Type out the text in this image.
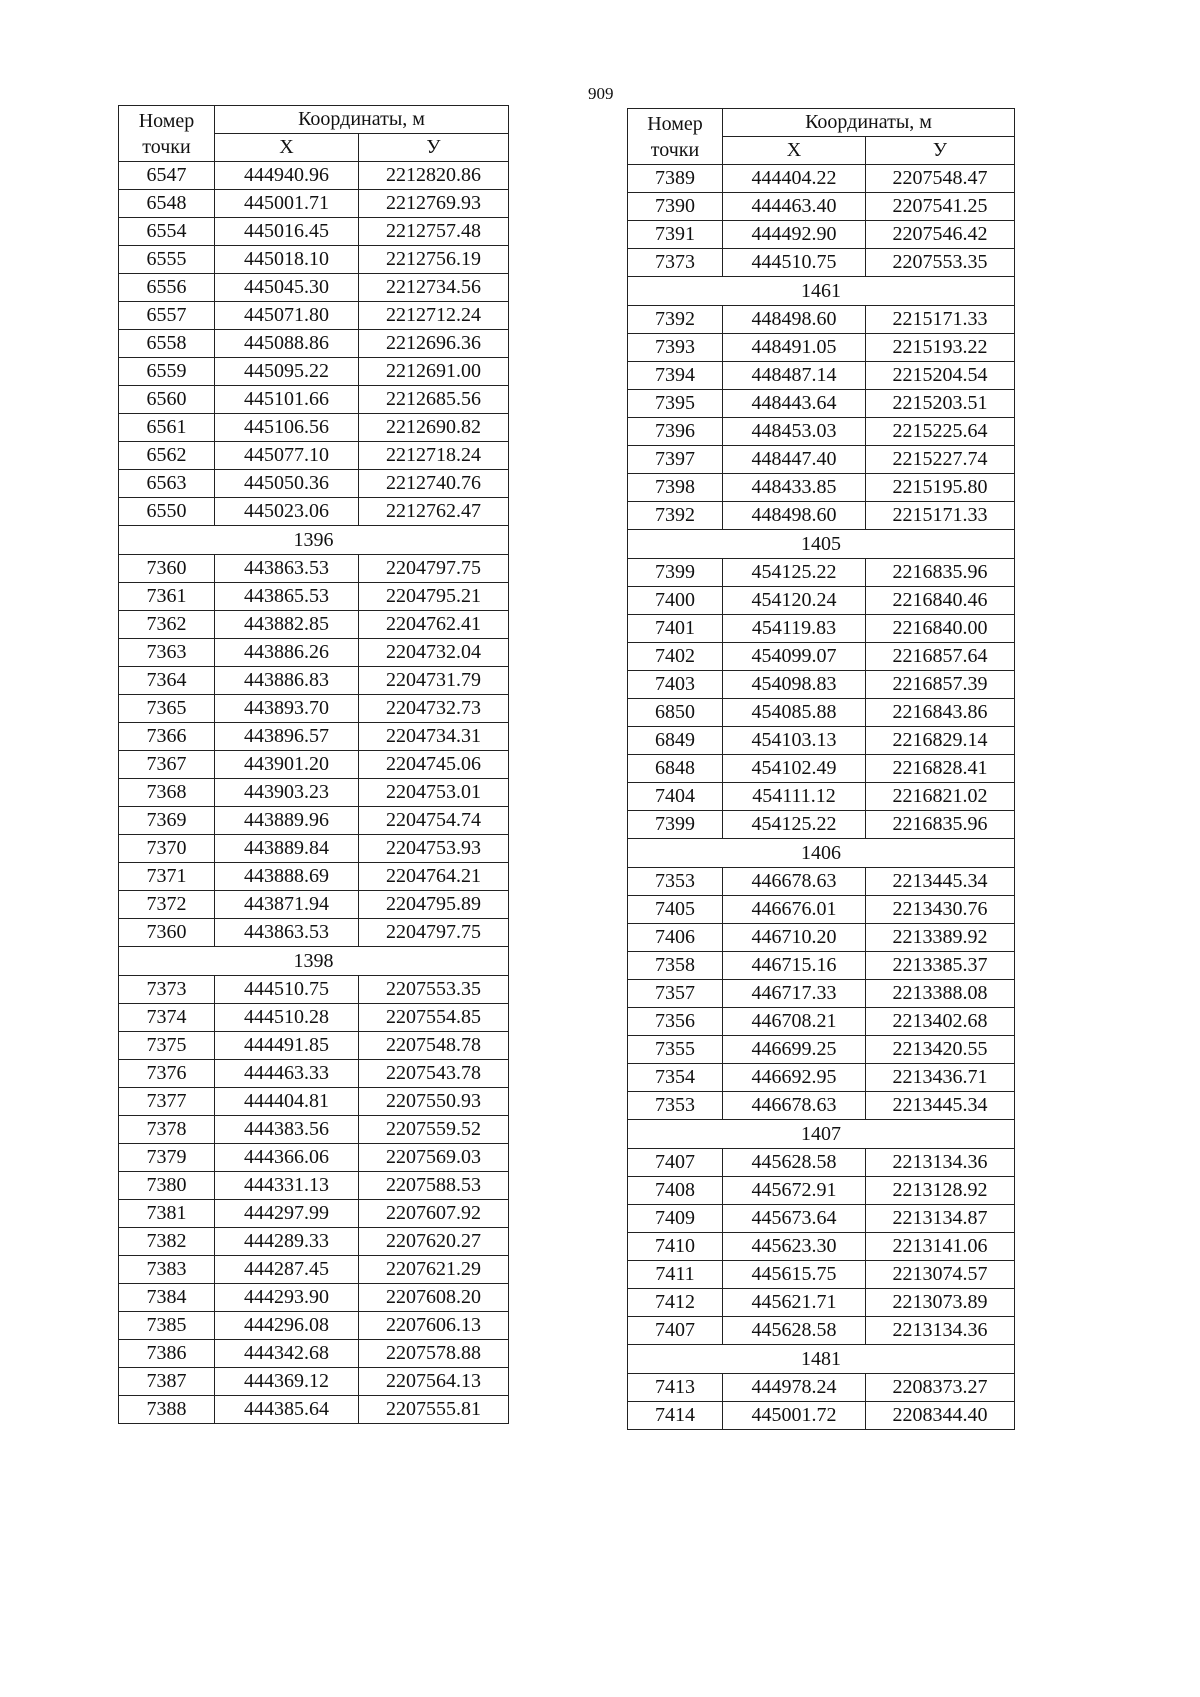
909
Номер
точки	Координаты, м	
	X	У
6547	444940.96	2212820.86
6548	445001.71	2212769.93
6554	445016.45	2212757.48
6555	445018.10	2212756.19
6556	445045.30	2212734.56
6557	445071.80	2212712.24
6558	445088.86	2212696.36
6559	445095.22	2212691.00
6560	445101.66	2212685.56
6561	445106.56	2212690.82
6562	445077.10	2212718.24
6563	445050.36	2212740.76
6550	445023.06	2212762.47
1396		
7360	443863.53	2204797.75
7361	443865.53	2204795.21
7362	443882.85	2204762.41
7363	443886.26	2204732.04
7364	443886.83	2204731.79
7365	443893.70	2204732.73
7366	443896.57	2204734.31
7367	443901.20	2204745.06
7368	443903.23	2204753.01
7369	443889.96	2204754.74
7370	443889.84	2204753.93
7371	443888.69	2204764.21
7372	443871.94	2204795.89
7360	443863.53	2204797.75
1398		
7373	444510.75	2207553.35
7374	444510.28	2207554.85
7375	444491.85	2207548.78
7376	444463.33	2207543.78
7377	444404.81	2207550.93
7378	444383.56	2207559.52
7379	444366.06	2207569.03
7380	444331.13	2207588.53
7381	444297.99	2207607.92
7382	444289.33	2207620.27
7383	444287.45	2207621.29
7384	444293.90	2207608.20
7385	444296.08	2207606.13
7386	444342.68	2207578.88
7387	444369.12	2207564.13
7388	444385.64	2207555.81
Номер
точки	Координаты, м	
	X	У
7389	444404.22	2207548.47
7390	444463.40	2207541.25
7391	444492.90	2207546.42
7373	444510.75	2207553.35
1461		
7392	448498.60	2215171.33
7393	448491.05	2215193.22
7394	448487.14	2215204.54
7395	448443.64	2215203.51
7396	448453.03	2215225.64
7397	448447.40	2215227.74
7398	448433.85	2215195.80
7392	448498.60	2215171.33
1405		
7399	454125.22	2216835.96
7400	454120.24	2216840.46
7401	454119.83	2216840.00
7402	454099.07	2216857.64
7403	454098.83	2216857.39
6850	454085.88	2216843.86
6849	454103.13	2216829.14
6848	454102.49	2216828.41
7404	454111.12	2216821.02
7399	454125.22	2216835.96
1406		
7353	446678.63	2213445.34
7405	446676.01	2213430.76
7406	446710.20	2213389.92
7358	446715.16	2213385.37
7357	446717.33	2213388.08
7356	446708.21	2213402.68
7355	446699.25	2213420.55
7354	446692.95	2213436.71
7353	446678.63	2213445.34
1407		
7407	445628.58	2213134.36
7408	445672.91	2213128.92
7409	445673.64	2213134.87
7410	445623.30	2213141.06
7411	445615.75	2213074.57
7412	445621.71	2213073.89
7407	445628.58	2213134.36
1481		
7413	444978.24	2208373.27
7414	445001.72	2208344.40
